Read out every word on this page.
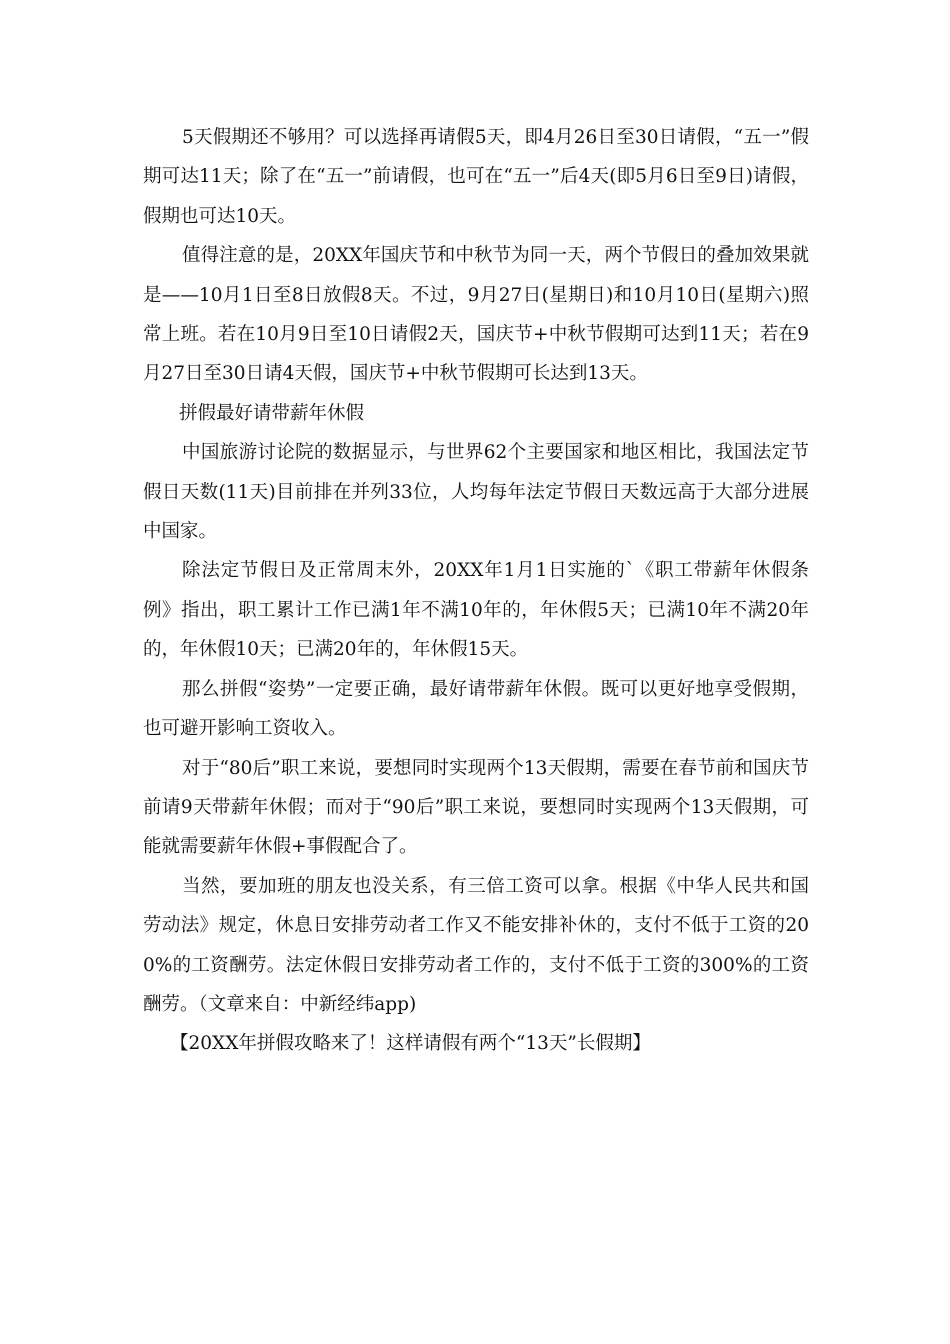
5天假期还不够用？可以选择再请假5天，即4月26日至30日请假，“五一”假期可达11天；除了在“五一”前请假，也可在“五一”后4天(即5月6日至9日)请假，假期也可达10天。

值得注意的是，20XX年国庆节和中秋节为同一天，两个节假日的叠加效果就是——10月1日至8日放假8天。不过，9月27日(星期日)和10月10日(星期六)照常上班。若在10月9日至10日请假2天，国庆节+中秋节假期可达到11天；若在9月27日至30日请4天假，国庆节+中秋节假期可长达到13天。

拼假最好请带薪年休假

中国旅游讨论院的数据显示，与世界62个主要国家和地区相比，我国法定节假日天数(11天)目前排在并列33位，人均每年法定节假日天数远高于大部分进展中国家。

除法定节假日及正常周末外，20XX年1月1日实施的`《职工带薪年休假条例》指出，职工累计工作已满1年不满10年的，年休假5天；已满10年不满20年的，年休假10天；已满20年的，年休假15天。

那么拼假“姿势”一定要正确，最好请带薪年休假。既可以更好地享受假期，也可避开影响工资收入。

对于“80后”职工来说，要想同时实现两个13天假期，需要在春节前和国庆节前请9天带薪年休假；而对于“90后”职工来说，要想同时实现两个13天假期，可能就需要薪年休假+事假配合了。

当然，要加班的朋友也没关系，有三倍工资可以拿。根据《中华人民共和国劳动法》规定，休息日安排劳动者工作又不能安排补休的，支付不低于工资的200%的工资酬劳。法定休假日安排劳动者工作的，支付不低于工资的300%的工资酬劳。（文章来自：中新经纬app)

【20XX年拼假攻略来了！这样请假有两个“13天”长假期】
